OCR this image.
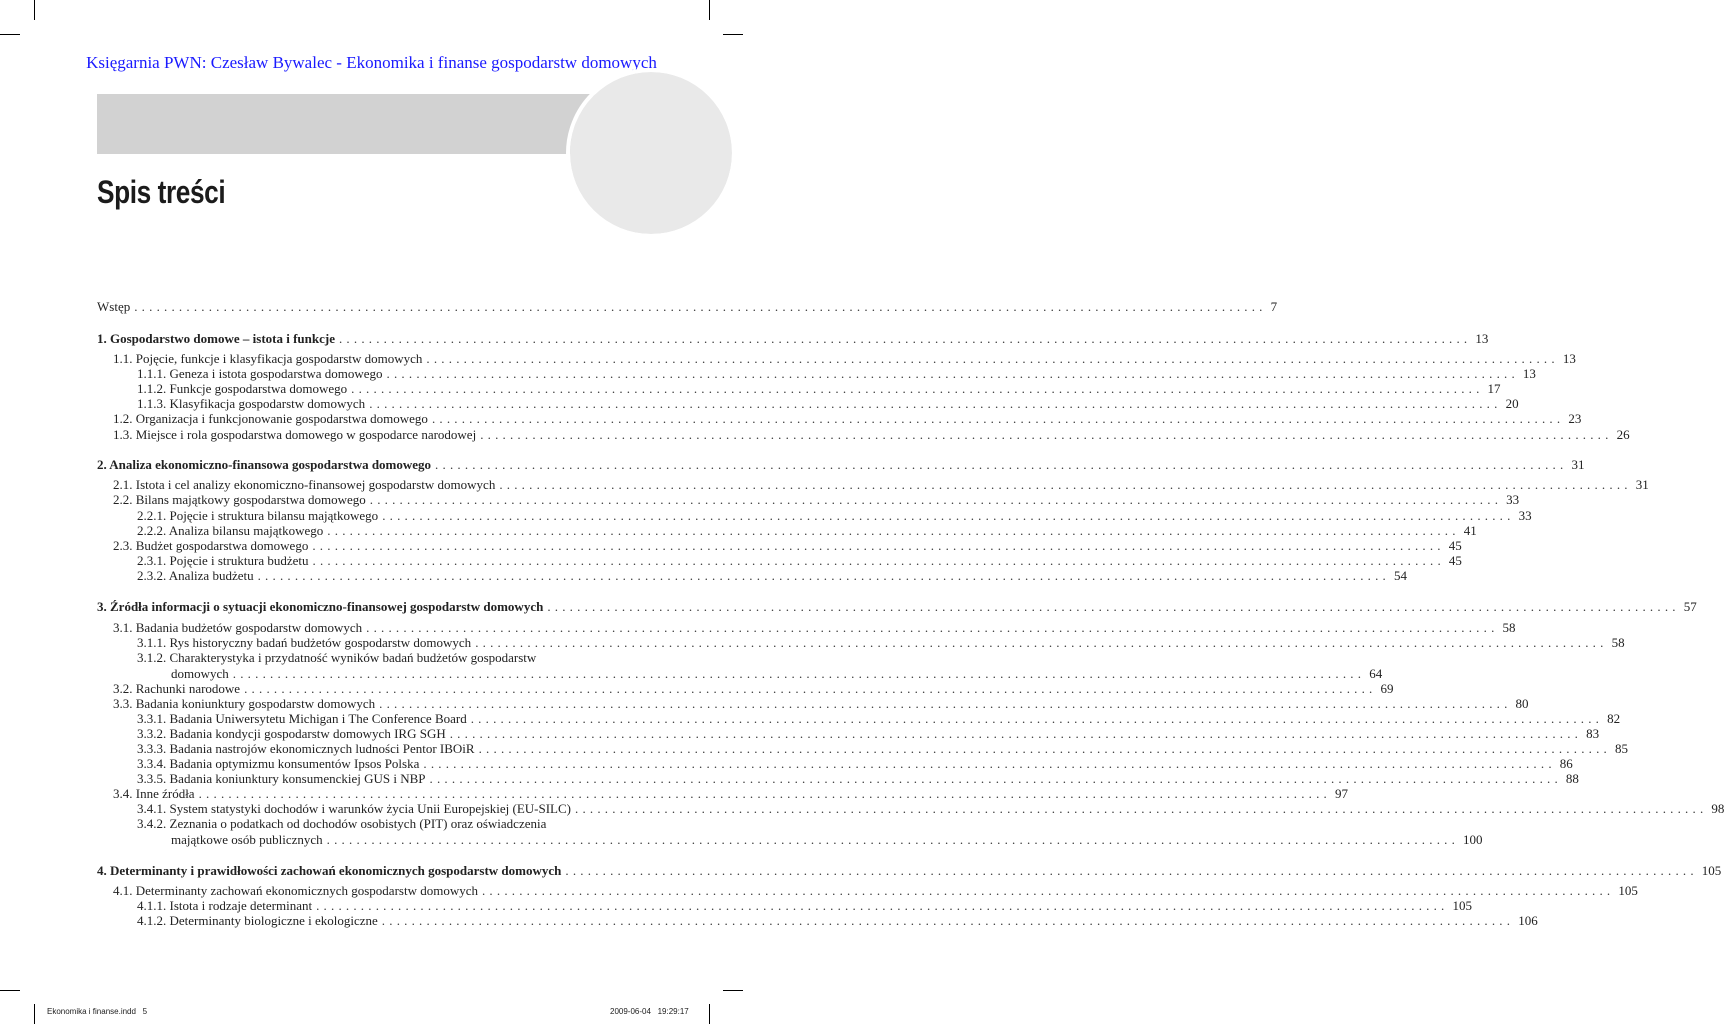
Księgarnia PWN: Czesław Bywalec - Ekonomika i finanse gospodarstw domowych
Spis treści
Wstęp ........................................................................................................................................................ 7
1. Gospodarstwo domowe – istota i funkcje ........................................................................................................................................................ 13
1.1. Pojęcie, funkcje i klasyfikacja gospodarstw domowych ........................................................................................................................................................ 13
1.1.1. Geneza i istota gospodarstwa domowego ........................................................................................................................................................ 13
1.1.2. Funkcje gospodarstwa domowego ........................................................................................................................................................ 17
1.1.3. Klasyfikacja gospodarstw domowych ........................................................................................................................................................ 20
1.2. Organizacja i funkcjonowanie gospodarstwa domowego ........................................................................................................................................................ 23
1.3. Miejsce i rola gospodarstwa domowego w gospodarce narodowej ........................................................................................................................................................ 26
2. Analiza ekonomiczno-finansowa gospodarstwa domowego ........................................................................................................................................................ 31
2.1. Istota i cel analizy ekonomiczno-finansowej gospodarstw domowych ........................................................................................................................................................ 31
2.2. Bilans majątkowy gospodarstwa domowego ........................................................................................................................................................ 33
2.2.1. Pojęcie i struktura bilansu majątkowego ........................................................................................................................................................ 33
2.2.2. Analiza bilansu majątkowego ........................................................................................................................................................ 41
2.3. Budżet gospodarstwa domowego ........................................................................................................................................................ 45
2.3.1. Pojęcie i struktura budżetu ........................................................................................................................................................ 45
2.3.2. Analiza budżetu ........................................................................................................................................................ 54
3. Źródła informacji o sytuacji ekonomiczno-finansowej gospodarstw domowych ........................................................................................................................................................ 57
3.1. Badania budżetów gospodarstw domowych ........................................................................................................................................................ 58
3.1.1. Rys historyczny badań budżetów gospodarstw domowych ........................................................................................................................................................ 58
3.1.2. Charakterystyka i przydatność wyników badań budżetów gospodarstw
domowych ........................................................................................................................................................ 64
3.2. Rachunki narodowe ........................................................................................................................................................ 69
3.3. Badania koniunktury gospodarstw domowych ........................................................................................................................................................ 80
3.3.1. Badania Uniwersytetu Michigan i The Conference Board ........................................................................................................................................................ 82
3.3.2. Badania kondycji gospodarstw domowych IRG SGH ........................................................................................................................................................ 83
3.3.3. Badania nastrojów ekonomicznych ludności Pentor IBOiR ........................................................................................................................................................ 85
3.3.4. Badania optymizmu konsumentów Ipsos Polska ........................................................................................................................................................ 86
3.3.5. Badania koniunktury konsumenckiej GUS i NBP ........................................................................................................................................................ 88
3.4. Inne źródła ........................................................................................................................................................ 97
3.4.1. System statystyki dochodów i warunków życia Unii Europejskiej (EU-SILC) ........................................................................................................................................................ 98
3.4.2. Zeznania o podatkach od dochodów osobistych (PIT) oraz oświadczenia
majątkowe osób publicznych ........................................................................................................................................................ 100
4. Determinanty i prawidłowości zachowań ekonomicznych gospodarstw domowych ........................................................................................................................................................ 105
4.1. Determinanty zachowań ekonomicznych gospodarstw domowych ........................................................................................................................................................ 105
4.1.1. Istota i rodzaje determinant ........................................................................................................................................................ 105
4.1.2. Determinanty biologiczne i ekologiczne ........................................................................................................................................................ 106
Ekonomika i finanse.indd   5	2009-06-04   19:29:17
